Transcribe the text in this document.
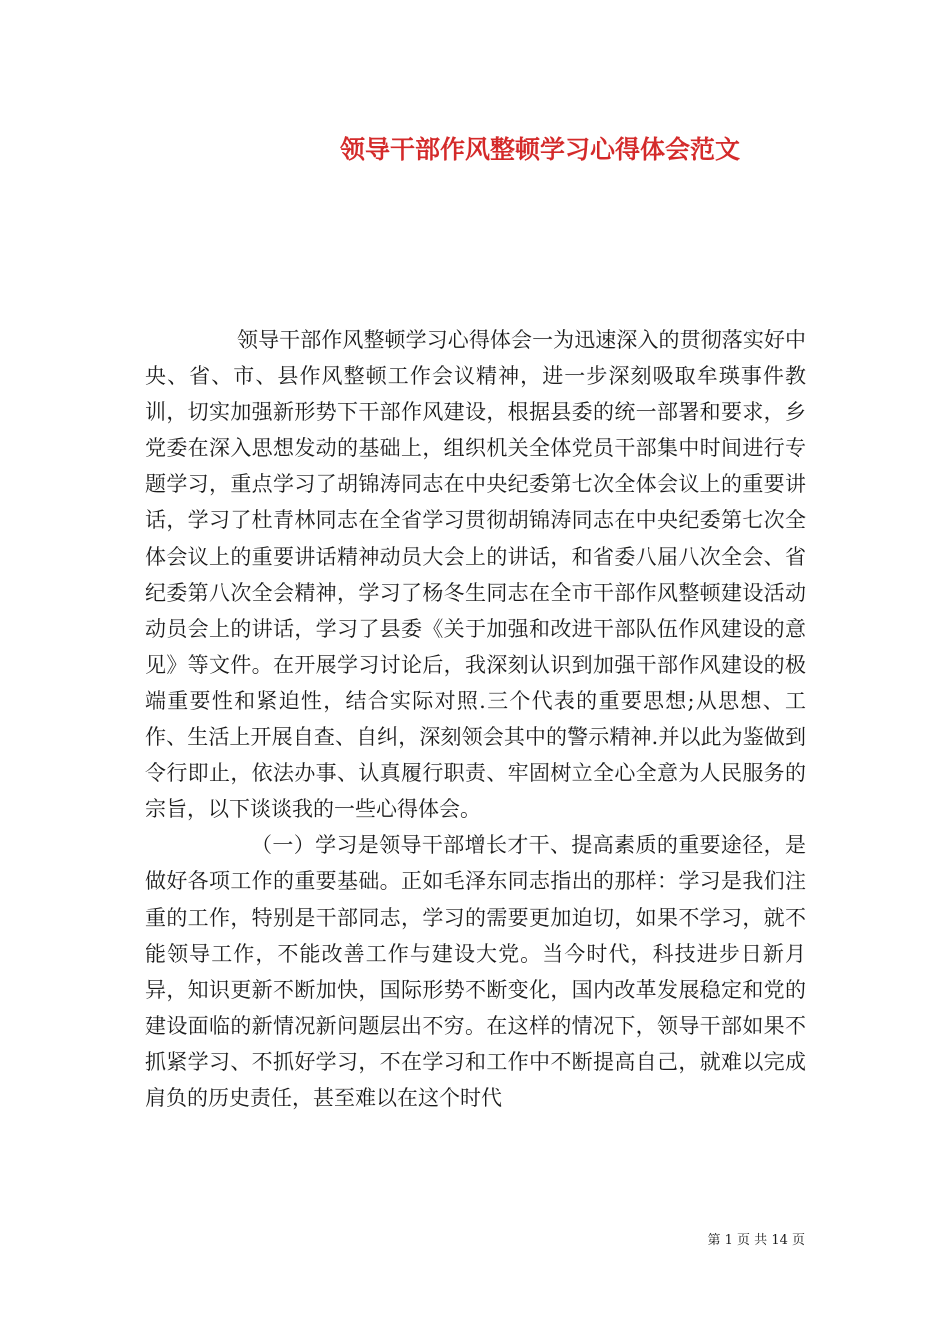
领导干部作风整顿学习心得体会范文

领导干部作风整顿学习心得体会一为迅速深入的贯彻落实好中央、省、市、县作风整顿工作会议精神，进一步深刻吸取牟瑛事件教训，切实加强新形势下干部作风建设，根据县委的统一部署和要求，乡党委在深入思想发动的基础上，组织机关全体党员干部集中时间进行专题学习，重点学习了胡锦涛同志在中央纪委第七次全体会议上的重要讲话，学习了杜青林同志在全省学习贯彻胡锦涛同志在中央纪委第七次全体会议上的重要讲话精神动员大会上的讲话，和省委八届八次全会、省纪委第八次全会精神，学习了杨冬生同志在全市干部作风整顿建设活动动员会上的讲话，学习了县委《关于加强和改进干部队伍作风建设的意见》等文件。在开展学习讨论后，我深刻认识到加强干部作风建设的极端重要性和紧迫性，结合实际对照.三个代表的重要思想;从思想、工作、生活上开展自查、自纠，深刻领会其中的警示精神.并以此为鉴做到令行即止，依法办事、认真履行职责、牢固树立全心全意为人民服务的宗旨，以下谈谈我的一些心得体会。

（一）学习是领导干部增长才干、提高素质的重要途径，是做好各项工作的重要基础。正如毛泽东同志指出的那样：学习是我们注重的工作，特别是干部同志，学习的需要更加迫切，如果不学习，就不能领导工作，不能改善工作与建设大党。当今时代，科技进步日新月异，知识更新不断加快，国际形势不断变化，国内改革发展稳定和党的建设面临的新情况新问题层出不穷。在这样的情况下，领导干部如果不抓紧学习、不抓好学习，不在学习和工作中不断提高自己，就难以完成肩负的历史责任，甚至难以在这个时代

第 1 页 共 14 页
